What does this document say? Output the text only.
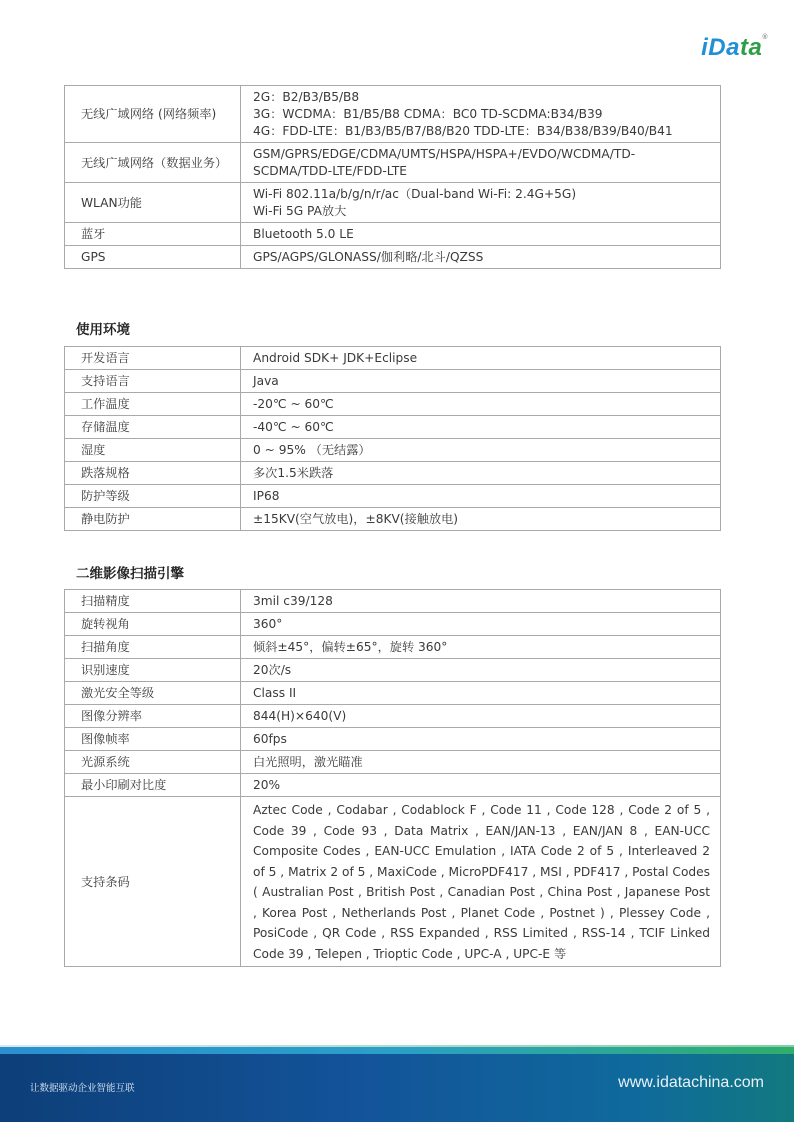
iData®
无线广域网络 (网络频率)	2G：B2/B3/B5/B8
3G：WCDMA：B1/B5/B8 CDMA：BC0 TD-SCDMA:B34/B39
4G：FDD-LTE：B1/B3/B5/B7/B8/B20 TDD-LTE：B34/B38/B39/B40/B41

无线广域网络（数据业务）	GSM/GPRS/EDGE/CDMA/UMTS/HSPA/HSPA+/EVDO/WCDMA/TD-
SCDMA/TDD-LTE/FDD-LTE

WLAN功能	Wi-Fi 802.11a/b/g/n/r/ac（Dual-band Wi-Fi: 2.4G+5G)
Wi-Fi 5G PA放大

蓝牙	Bluetooth 5.0 LE

GPS	GPS/AGPS/GLONASS/伽利略/北斗/QZSS
使用环境
开发语言	Android SDK+ JDK+Eclipse
支持语言	Java
工作温度	-20℃ ~ 60℃
存储温度	-40℃ ~ 60℃
湿度	0 ~ 95% （无结露）
跌落规格	多次1.5米跌落
防护等级	IP68
静电防护	±15KV(空气放电)，±8KV(接触放电)
二维影像扫描引擎
扫描精度	3mil c39/128
旋转视角	360°
扫描角度	倾斜±45°，偏转±65°，旋转 360°
识别速度	20次/s
激光安全等级	Class II
图像分辨率	844(H)×640(V)
图像帧率	60fps
光源系统	白光照明，激光瞄准
最小印刷对比度	20%
支持条码	Aztec Code , Codabar , Codablock F , Code 11 , Code 128 , Code 2 of 5 , Code 39 , Code 93 , Data Matrix , EAN/JAN-13 , EAN/JAN 8 , EAN-UCC Composite Codes , EAN-UCC Emulation , IATA Code 2 of 5 , Interleaved 2 of 5 , Matrix 2 of 5 , MaxiCode , MicroPDF417 , MSI , PDF417 , Postal Codes ( Australian Post , British Post , Canadian Post , China Post , Japanese Post , Korea Post , Netherlands Post , Planet Code , Postnet ) , Plessey Code , PosiCode , QR Code , RSS Expanded , RSS Limited , RSS-14 , TCIF Linked Code 39 , Telepen , Trioptic Code , UPC-A , UPC-E 等
让数据驱动企业智能互联	www.idatachina.com
